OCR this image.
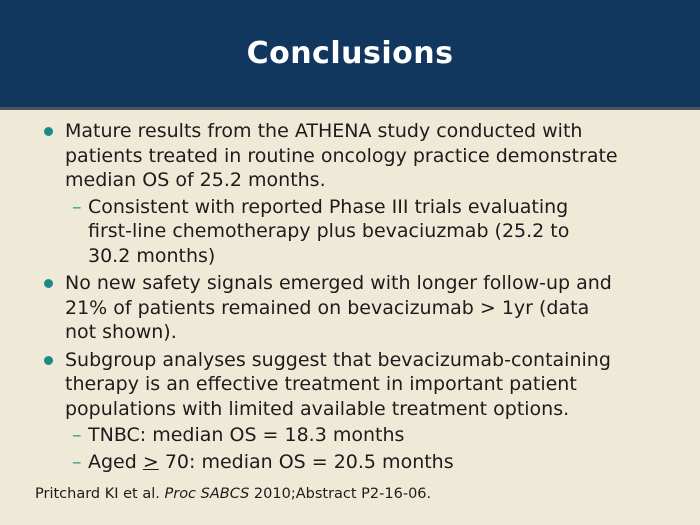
Conclusions
Mature results from the ATHENA study conducted with
patients treated in routine oncology practice demonstrate
median OS of 25.2 months.
– Consistent with reported Phase III trials evaluating
first-line chemotherapy plus bevaciuzmab (25.2 to
30.2 months)
No new safety signals emerged with longer follow-up and
21% of patients remained on bevacizumab > 1yr (data
not shown).
Subgroup analyses suggest that bevacizumab-containing
therapy is an effective treatment in important patient
populations with limited available treatment options.
– TNBC: median OS = 18.3 months
– Aged ≥ 70: median OS = 20.5 months
Pritchard KI et al. Proc SABCS 2010;Abstract P2-16-06.
